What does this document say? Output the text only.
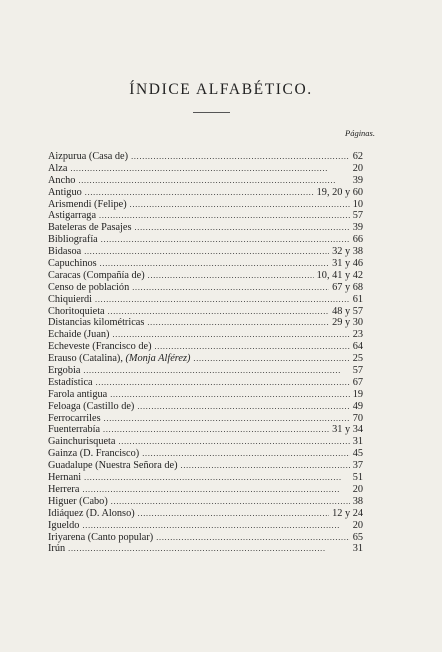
ÍNDICE ALFABÉTICO.
Páginas.
Aizpurua (Casa de) . . .	62
Alza . . .	20
Ancho . . .	39
Antiguo . . .	19, 20 y 60
Arismendi (Felipe) . . .	10
Astigarraga . . .	57
Bateleras de Pasajes . . .	39
Bibliografía . . .	66
Bidasoa . . .	32 y 38
Capuchinos . . .	31 y 46
Caracas (Compañía de) . . .	10, 41 y 42
Censo de población . . .	67 y 68
Chiquierdi . . .	61
Choritoquieta . . .	48 y 57
Distancias kilométricas . . .	29 y 30
Echaide (Juan) . . .	23
Echeveste (Francisco de) . . .	64
Erauso (Catalina), (Monja Alférez) . . .	25
Ergobia . . .	57
Estadística . . .	67
Farola antigua . . .	19
Feloaga (Castillo de) . . .	49
Ferrocarriles . . .	70
Fuenterrabía . . .	31 y 34
Gainchurisqueta . . .	31
Gainza (D. Francisco) . . .	45
Guadalupe (Nuestra Señora de) . . .	37
Hernani . . .	51
Herrera . . .	20
Higuer (Cabo) . . .	38
Idiáquez (D. Alonso) . . .	12 y 24
Igueldo . . .	20
Iriyarena (Canto popular) . . .	65
Irún . . .	31
